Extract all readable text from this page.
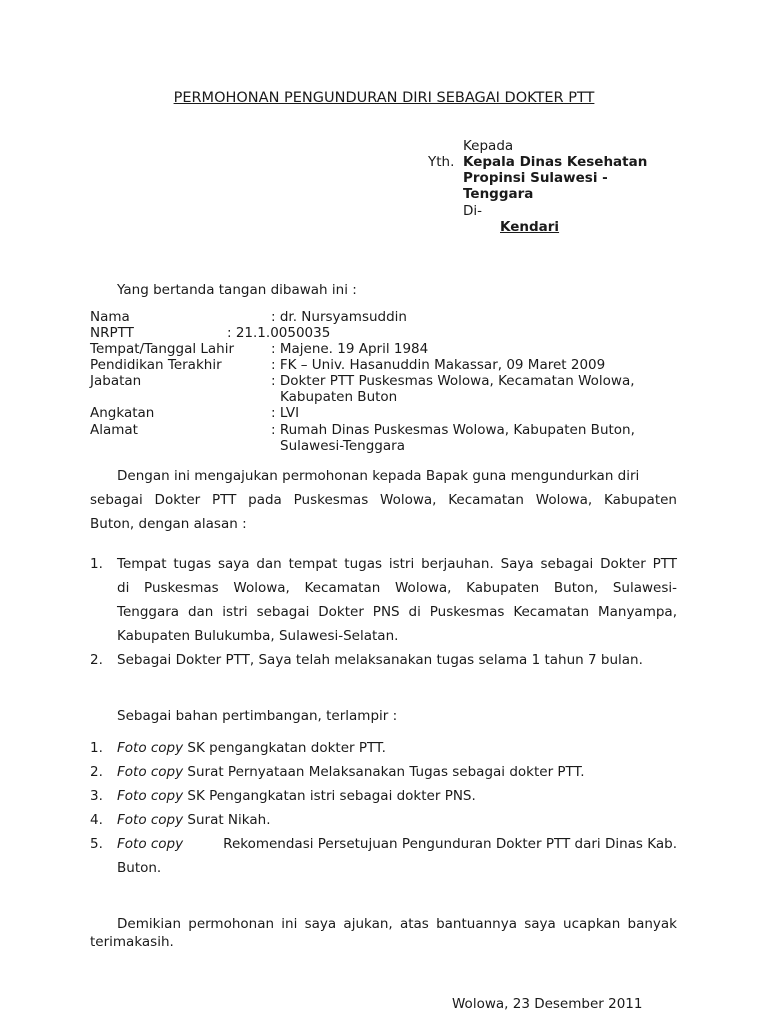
PERMOHONAN PENGUNDURAN DIRI SEBAGAI DOKTER PTT
Kepada
Yth. Kepala Dinas Kesehatan
Propinsi Sulawesi -
Tenggara
Di-
Kendari
Yang bertanda tangan dibawah ini :
Nama	: dr. Nursyamsuddin
NRPTT	: 21.1.0050035
Tempat/Tanggal Lahir	: Majene. 19 April 1984
Pendidikan Terakhir	: FK – Univ. Hasanuddin Makassar, 09 Maret 2009
Jabatan	: Dokter PTT Puskesmas Wolowa, Kecamatan Wolowa,
Kabupaten Buton
Angkatan	: LVI
Alamat	: Rumah Dinas Puskesmas Wolowa, Kabupaten Buton,
Sulawesi-Tenggara
Dengan ini mengajukan permohonan kepada Bapak guna mengundurkan diri
sebagai Dokter PTT pada Puskesmas Wolowa, Kecamatan Wolowa, Kabupaten
Buton, dengan alasan :
1. Tempat tugas saya dan tempat tugas istri berjauhan. Saya sebagai Dokter PTT
di Puskesmas Wolowa, Kecamatan Wolowa, Kabupaten Buton, Sulawesi-
Tenggara dan istri sebagai Dokter PNS di Puskesmas Kecamatan Manyampa,
Kabupaten Bulukumba, Sulawesi-Selatan.
2. Sebagai Dokter PTT, Saya telah melaksanakan tugas selama 1 tahun 7 bulan.
Sebagai bahan pertimbangan, terlampir :
1. Foto copy SK pengangkatan dokter PTT.
2. Foto copy Surat Pernyataan Melaksanakan Tugas sebagai dokter PTT.
3. Foto copy SK Pengangkatan istri sebagai dokter PNS.
4. Foto copy Surat Nikah.
5. Foto copy	Rekomendasi Persetujuan Pengunduran Dokter PTT dari Dinas Kab.
Buton.
Demikian permohonan ini saya ajukan, atas bantuannya saya ucapkan banyak
terimakasih.
Wolowa, 23 Desember 2011
